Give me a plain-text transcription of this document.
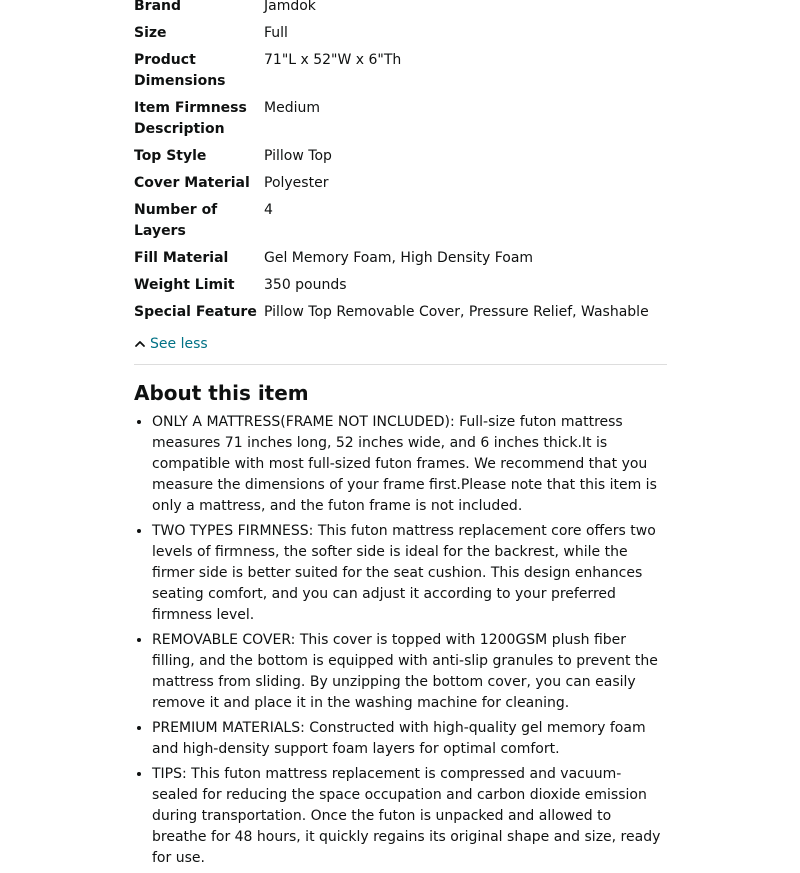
Brand	Jamdok
Size	Full
Product Dimensions	71"L x 52"W x 6"Th
Item Firmness Description	Medium
Top Style	Pillow Top
Cover Material	Polyester
Number of Layers	4
Fill Material	Gel Memory Foam, High Density Foam
Weight Limit	350 pounds
Special Feature	Pillow Top Removable Cover, Pressure Relief, Washable
See less
About this item
• ONLY A MATTRESS(FRAME NOT INCLUDED): Full-size futon mattress measures 71 inches long, 52 inches wide, and 6 inches thick.It is compatible with most full-sized futon frames. We recommend that you measure the dimensions of your frame first.Please note that this item is only a mattress, and the futon frame is not included.
• TWO TYPES FIRMNESS: This futon mattress replacement core offers two levels of firmness, the softer side is ideal for the backrest, while the firmer side is better suited for the seat cushion. This design enhances seating comfort, and you can adjust it according to your preferred firmness level.
• REMOVABLE COVER: This cover is topped with 1200GSM plush fiber filling, and the bottom is equipped with anti-slip granules to prevent the mattress from sliding. By unzipping the bottom cover, you can easily remove it and place it in the washing machine for cleaning.
• PREMIUM MATERIALS: Constructed with high-quality gel memory foam and high-density support foam layers for optimal comfort.
• TIPS: This futon mattress replacement is compressed and vacuum-sealed for reducing the space occupation and carbon dioxide emission during transportation. Once the futon is unpacked and allowed to breathe for 48 hours, it quickly regains its original shape and size, ready for use.
